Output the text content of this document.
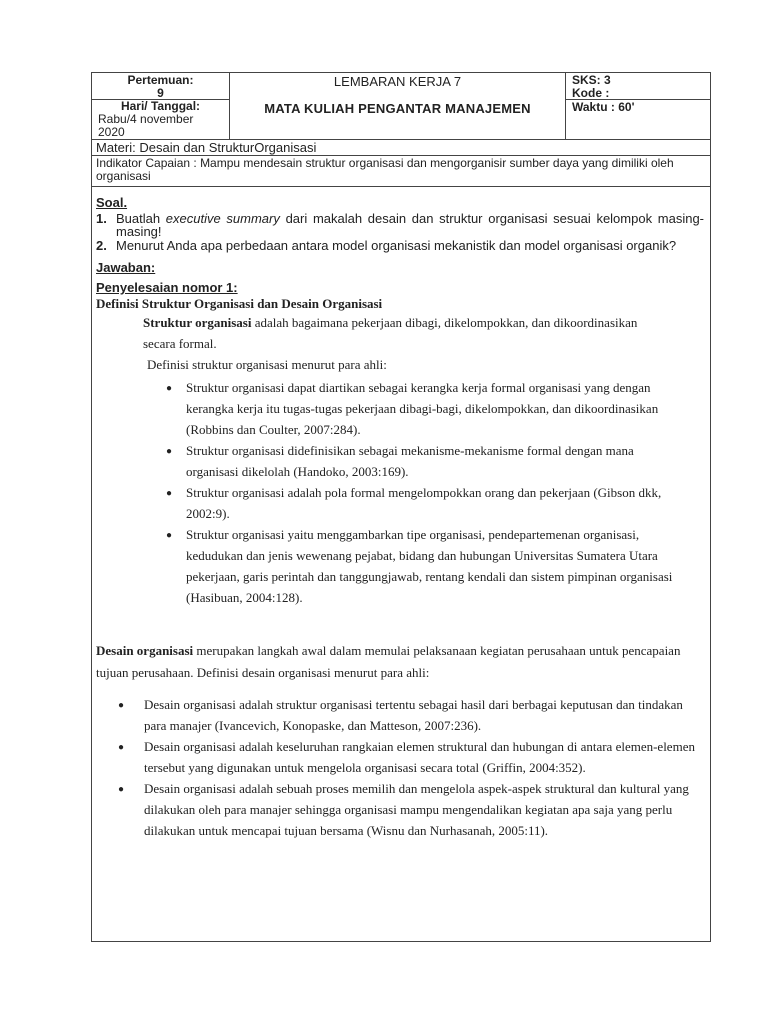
Pertemuan:
9
Hari/ Tanggal:
Rabu/4 november 2020
LEMBARAN KERJA 7
MATA KULIAH PENGANTAR MANAJEMEN
SKS: 3
Kode :
Waktu : 60'
Materi: Desain dan StrukturOrganisasi
Indikator Capaian : Mampu mendesain struktur organisasi dan mengorganisir sumber daya yang dimiliki oleh organisasi
Soal.
1. Buatlah executive summary dari makalah desain dan struktur organisasi sesuai kelompok masing-masing!
2. Menurut Anda apa perbedaan antara model organisasi mekanistik dan model organisasi organik?
Jawaban:
Penyelesaian nomor 1:
Definisi Struktur Organisasi dan Desain Organisasi
Struktur organisasi adalah bagaimana pekerjaan dibagi, dikelompokkan, dan dikoordinasikan secara formal.
Definisi struktur organisasi menurut para ahli:
● Struktur organisasi dapat diartikan sebagai kerangka kerja formal organisasi yang dengan kerangka kerja itu tugas-tugas pekerjaan dibagi-bagi, dikelompokkan, dan dikoordinasikan (Robbins dan Coulter, 2007:284).
● Struktur organisasi didefinisikan sebagai mekanisme-mekanisme formal dengan mana organisasi dikelolah (Handoko, 2003:169).
● Struktur organisasi adalah pola formal mengelompokkan orang dan pekerjaan (Gibson dkk, 2002:9).
● Struktur organisasi yaitu menggambarkan tipe organisasi, pendepartemenan organisasi, kedudukan dan jenis wewenang pejabat, bidang dan hubungan Universitas Sumatera Utara pekerjaan, garis perintah dan tanggungjawab, rentang kendali dan sistem pimpinan organisasi (Hasibuan, 2004:128).
Desain organisasi merupakan langkah awal dalam memulai pelaksanaan kegiatan perusahaan untuk pencapaian tujuan perusahaan. Definisi desain organisasi menurut para ahli:
● Desain organisasi adalah struktur organisasi tertentu sebagai hasil dari berbagai keputusan dan tindakan para manajer (Ivancevich, Konopaske, dan Matteson, 2007:236).
● Desain organisasi adalah keseluruhan rangkaian elemen struktural dan hubungan di antara elemen-elemen tersebut yang digunakan untuk mengelola organisasi secara total (Griffin, 2004:352).
● Desain organisasi adalah sebuah proses memilih dan mengelola aspek-aspek struktural dan kultural yang dilakukan oleh para manajer sehingga organisasi mampu mengendalikan kegiatan apa saja yang perlu dilakukan untuk mencapai tujuan bersama (Wisnu dan Nurhasanah, 2005:11).
